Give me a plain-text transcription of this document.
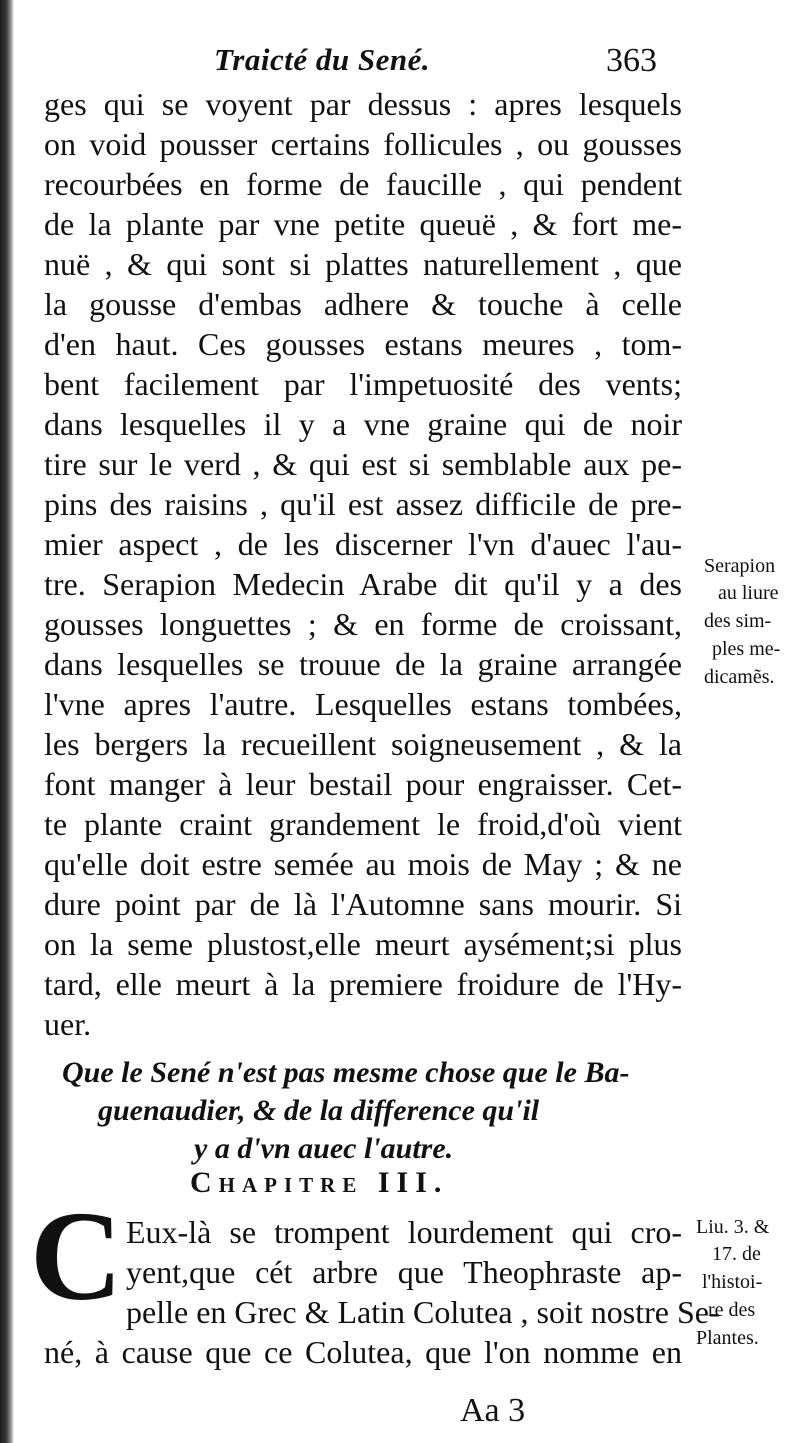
Traicté du Sené.	363
ges qui se voyent par dessus : apres lesquels
on void pousser certains follicules , ou gousses
recourbées en forme de faucille , qui pendent
de la plante par vne petite queuë , & fort me-
nuë , & qui sont si plattes naturellement , que
la gousse d'embas adhere & touche à celle
d'en haut. Ces gousses estans meures , tom-
bent facilement par l'impetuosité des vents;
dans lesquelles il y a vne graine qui de noir
tire sur le verd , & qui est si semblable aux pe-
pins des raisins , qu'il est assez difficile de pre-
mier aspect , de les discerner l'vn d'auec l'au-
tre. Serapion Medecin Arabe dit qu'il y a des
gousses longuettes ; & en forme de croissant,
dans lesquelles se trouue de la graine arrangée
l'vne apres l'autre. Lesquelles estans tombées,
les bergers la recueillent soigneusement , & la
font manger à leur bestail pour engraisser. Cet-
te plante craint grandement le froid,d'où vient
qu'elle doit estre semée au mois de May ; & ne
dure point par de là l'Automne sans mourir. Si
on la seme plustost,elle meurt aysément;si plus
tard, elle meurt à la premiere froidure de l'Hy-
uer.
Serapion
au liure
des sim-
ples me-
dicamẽs.
Que le Sené n'est pas mesme chose que le Ba-
guenaudier, & de la difference qu'il
y a d'vn auec l'autre.
Chapitre III.
C Eux-là se trompent lourdement qui cro-
yent,que cét arbre que Theophraste ap-
pelle en Grec & Latin Colutea , soit nostre Se-
né, à cause que ce Colutea, que l'on nomme en
Liu. 3. &
17. de
l'histoi-
re des
Plantes.
Aa 3
